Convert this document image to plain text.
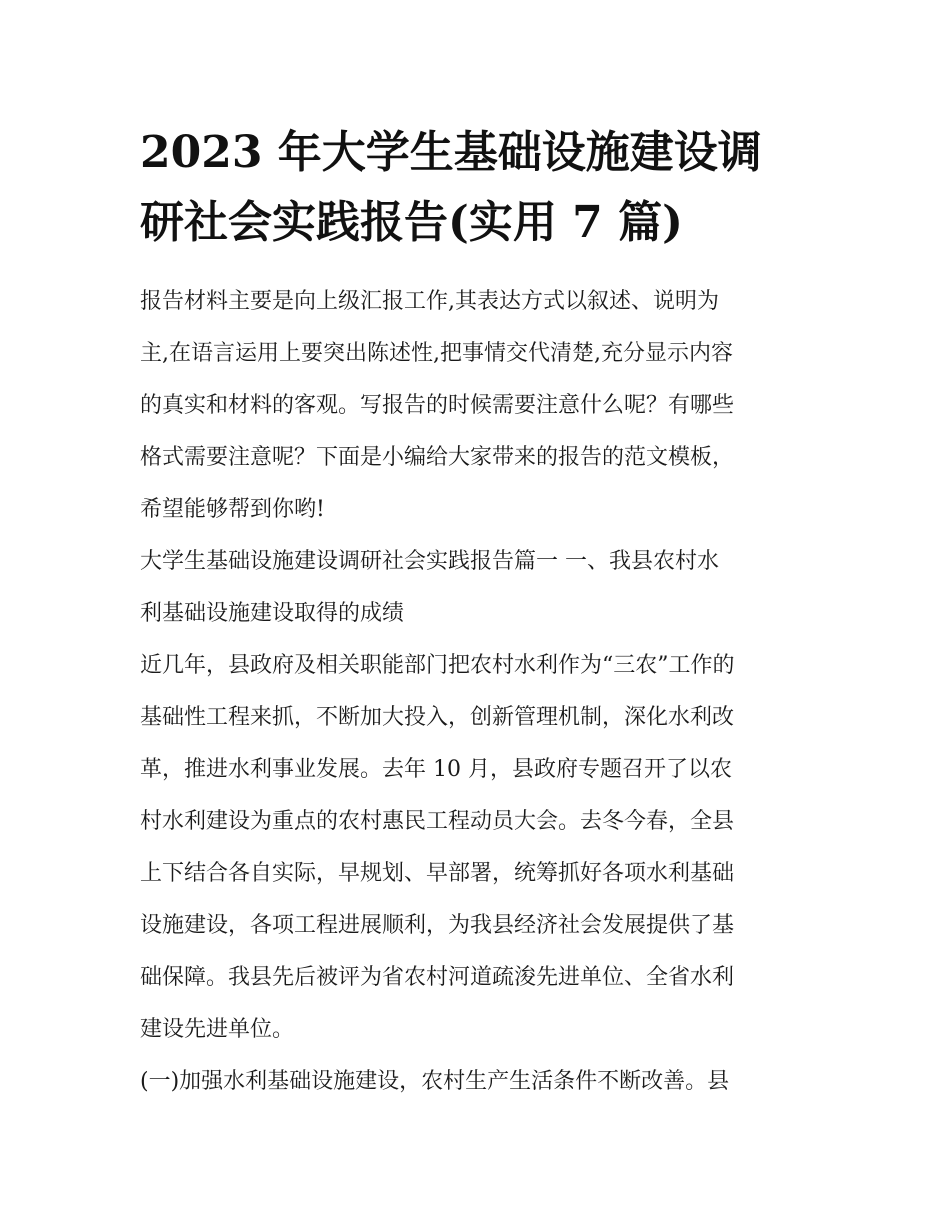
2023 年大学生基础设施建设调
研社会实践报告(实用 7 篇)

报告材料主要是向上级汇报工作,其表达方式以叙述、说明为
主,在语言运用上要突出陈述性,把事情交代清楚,充分显示内容
的真实和材料的客观。写报告的时候需要注意什么呢？有哪些
格式需要注意呢？下面是小编给大家带来的报告的范文模板，
希望能够帮到你哟!

大学生基础设施建设调研社会实践报告篇一 一、我县农村水
利基础设施建设取得的成绩

近几年，县政府及相关职能部门把农村水利作为“三农”工作的
基础性工程来抓，不断加大投入，创新管理机制，深化水利改
革，推进水利事业发展。去年 10 月，县政府专题召开了以农
村水利建设为重点的农村惠民工程动员大会。去冬今春，全县
上下结合各自实际，早规划、早部署，统筹抓好各项水利基础
设施建设，各项工程进展顺利，为我县经济社会发展提供了基
础保障。我县先后被评为省农村河道疏浚先进单位、全省水利
建设先进单位。

(一)加强水利基础设施建设，农村生产生活条件不断改善。县
